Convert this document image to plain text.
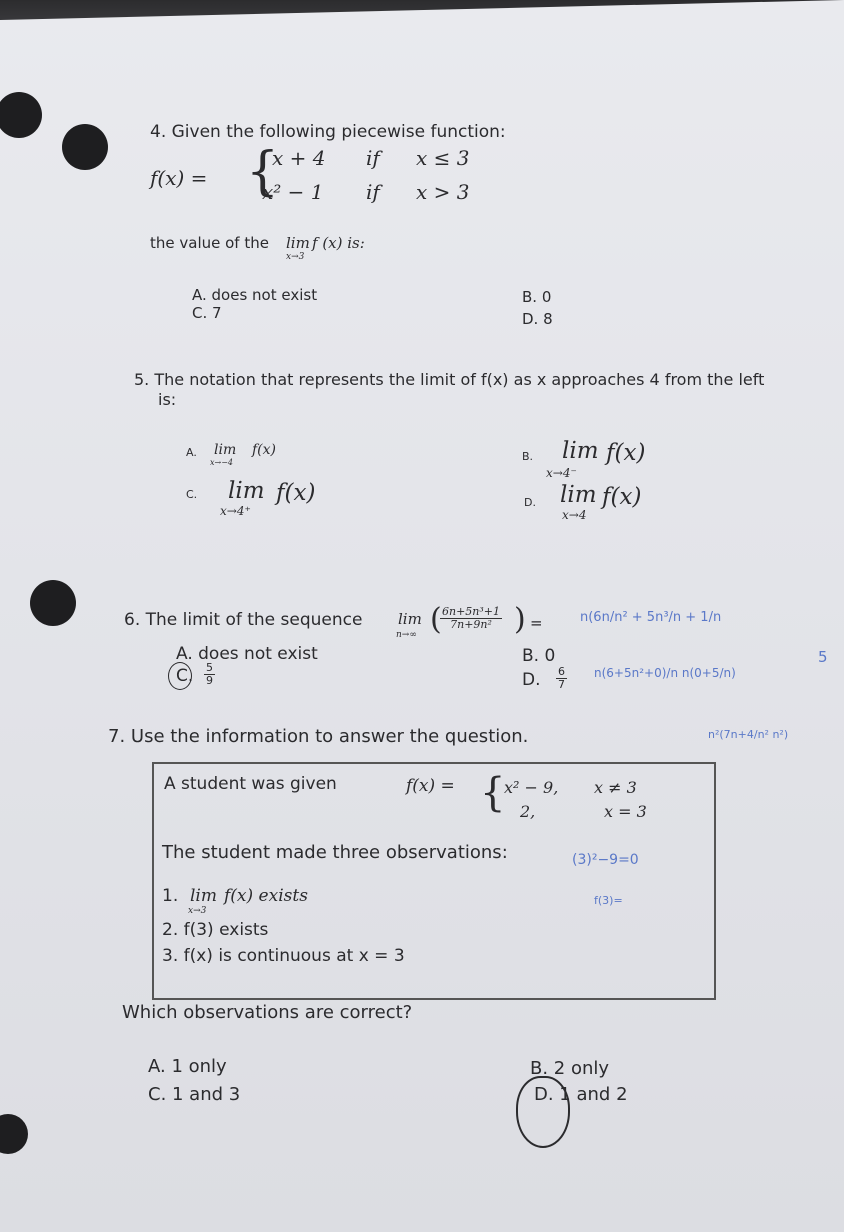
4. Given the following piecewise function:
f(x) = {
x + 4 if x ≤ 3
x² − 1 if x > 3
the value of the lim
x→3
f (x) is:
A. does not exist	B. 0
C. 7	D. 8
5. The notation that represents the limit of f(x) as x approaches 4 from the left
is:
A. lim
x→−4
f(x)	B. lim
x→4⁻
f(x)
C. lim
x→4⁺
f(x)	D. lim
x→4
f(x)
6. The limit of the sequence lim
n→∞ (
$\frac{\text{6n+5n³+1}}{\text{7n+9n²}}$ ) =
A. does not exist	B. 0
C. $\frac{5}{9}$	D. $\frac{6}{7}$
7. Use the information to answer the question.
A student was given	f(x) = {
x² − 9, x ≠ 3
2,	x = 3
The student made three observations:
1. lim
x→3
f(x) exists
2. f(3) exists
3. f(x) is continuous at x = 3
Which observations are correct?
A. 1 only	B. 2 only
C. 1 and 3	D. 1 and 2
n(6n/n² + 5n³/n + 1/n
n(6+5n²+0)/n n(0+5/n)
5
n²(7n+4/n² n²)
(3)²−9=0
f(3)=
